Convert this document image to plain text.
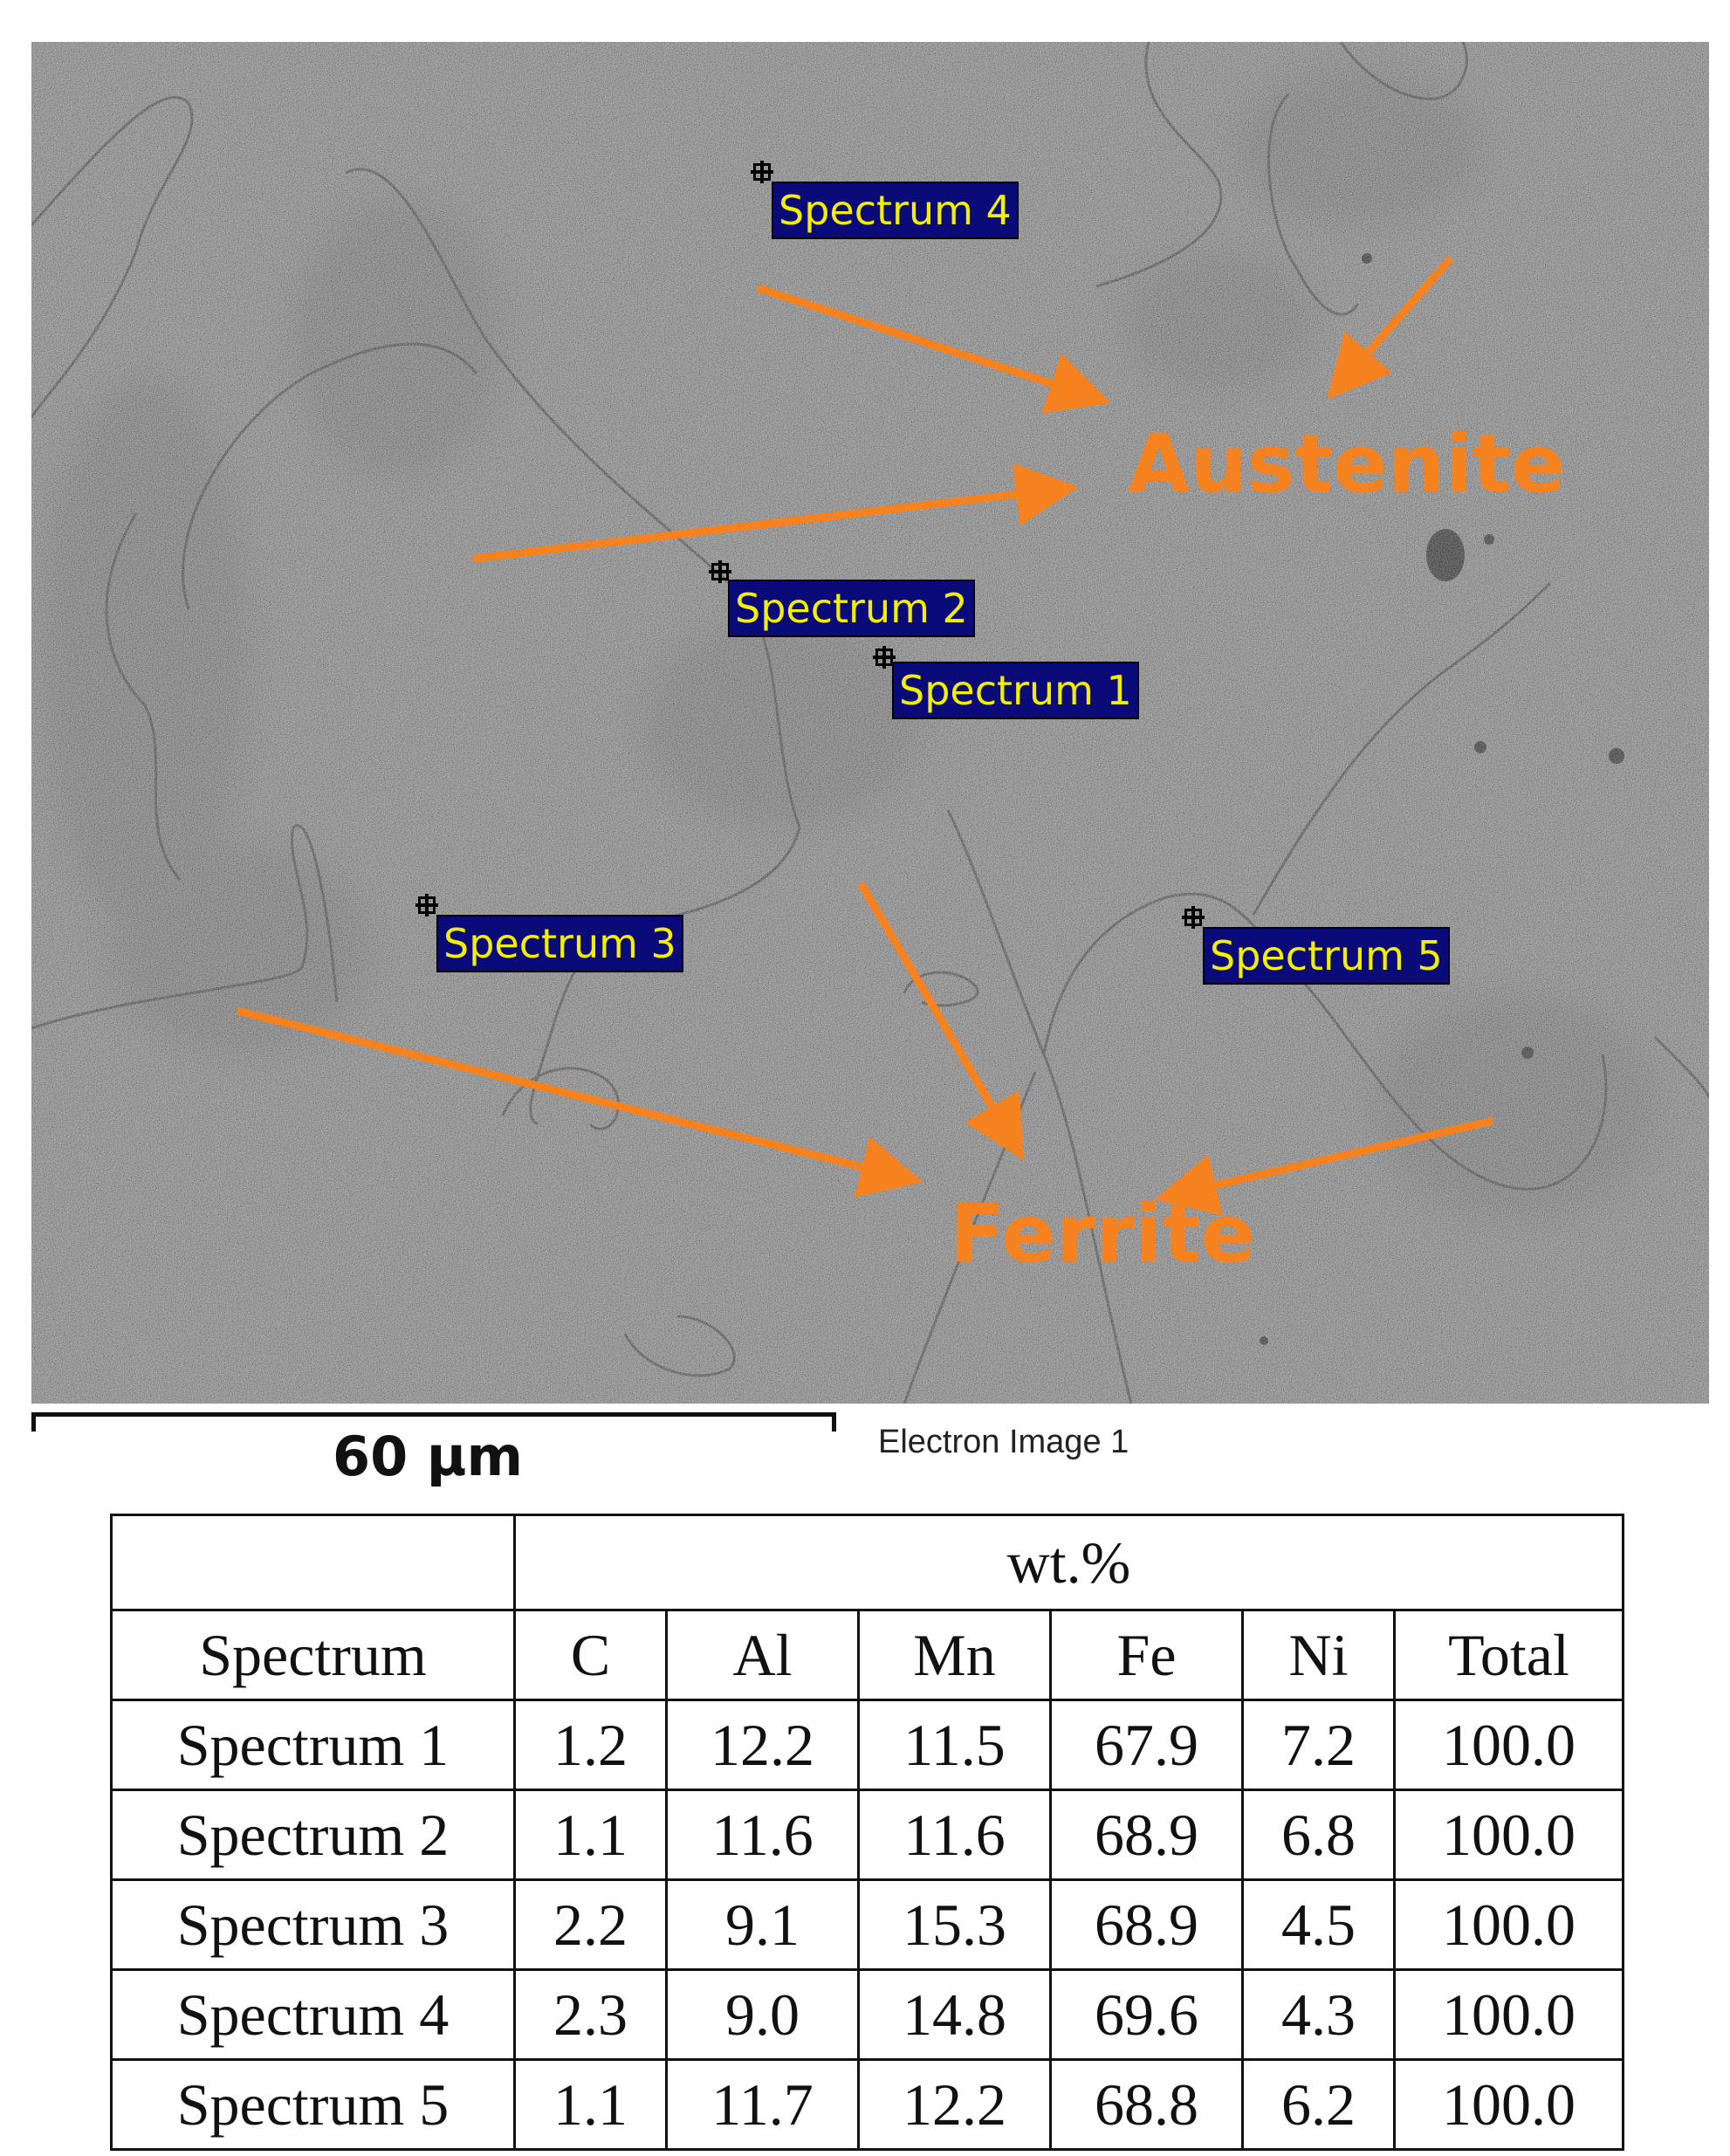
Spectrum 4
Spectrum 2
Spectrum 1
Spectrum 3	Spectrum 5
Austenite
Ferrite
60 µm	Electron Image 1
	wt.%					
Spectrum	C	Al	Mn	Fe	Ni	Total
Spectrum 1	1.2	12.2	11.5	67.9	7.2	100.0
Spectrum 2	1.1	11.6	11.6	68.9	6.8	100.0
Spectrum 3	2.2	9.1	15.3	68.9	4.5	100.0
Spectrum 4	2.3	9.0	14.8	69.6	4.3	100.0
Spectrum 5	1.1	11.7	12.2	68.8	6.2	100.0
